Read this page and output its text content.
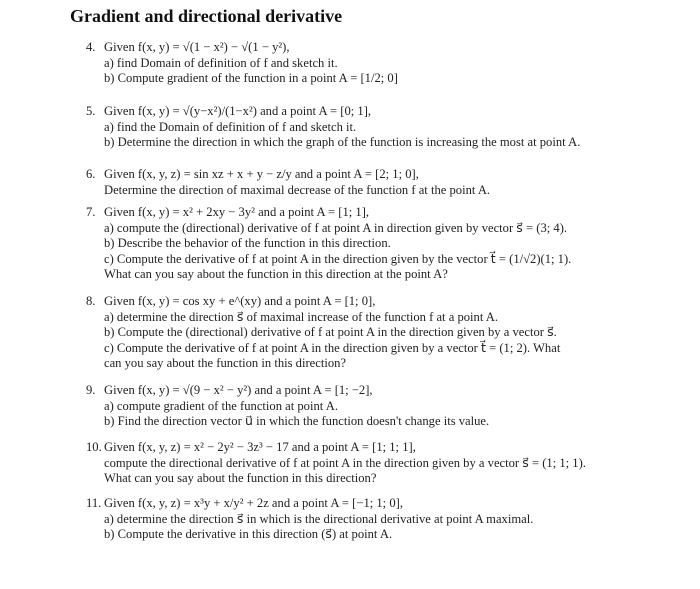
Gradient and directional derivative
4. Given f(x, y) = √(1 − x²) − √(1 − y²),
a) find Domain of definition of f and sketch it.
b) Compute gradient of the function in a point A = [1/2; 0]
5. Given f(x, y) = √(y−x²)/(1−x²) and a point A = [0; 1],
a) find the Domain of definition of f and sketch it.
b) Determine the direction in which the graph of the function is increasing the most at point A.
6. Given f(x, y, z) = sin xz + x + y − z/y and a point A = [2; 1; 0],
Determine the direction of maximal decrease of the function f at the point A.
7. Given f(x, y) = x² + 2xy − 3y² and a point A = [1; 1],
a) compute the (directional) derivative of f at point A in direction given by vector s⃗ = (3; 4).
b) Describe the behavior of the function in this direction.
c) Compute the derivative of f at point A in the direction given by the vector t⃗ = (1/√2)(1; 1).
What can you say about the function in this direction at the point A?
8. Given f(x, y) = cos xy + e^(xy) and a point A = [1; 0],
a) determine the direction s⃗ of maximal increase of the function f at a point A.
b) Compute the (directional) derivative of f at point A in the direction given by a vector s⃗.
c) Compute the derivative of f at point A in the direction given by a vector t⃗ = (1; 2). What
can you say about the function in this direction?
9. Given f(x, y) = √(9 − x² − y²) and a point A = [1; −2],
a) compute gradient of the function at point A.
b) Find the direction vector u⃗ in which the function doesn't change its value.
10. Given f(x, y, z) = x² − 2y² − 3z³ − 17 and a point A = [1; 1; 1],
compute the directional derivative of f at point A in the direction given by a vector s⃗ = (1; 1; 1).
What can you say about the function in this direction?
11. Given f(x, y, z) = x³y + x/y² + 2z and a point A = [−1; 1; 0],
a) determine the direction s⃗ in which is the directional derivative at point A maximal.
b) Compute the derivative in this direction (s⃗) at point A.
